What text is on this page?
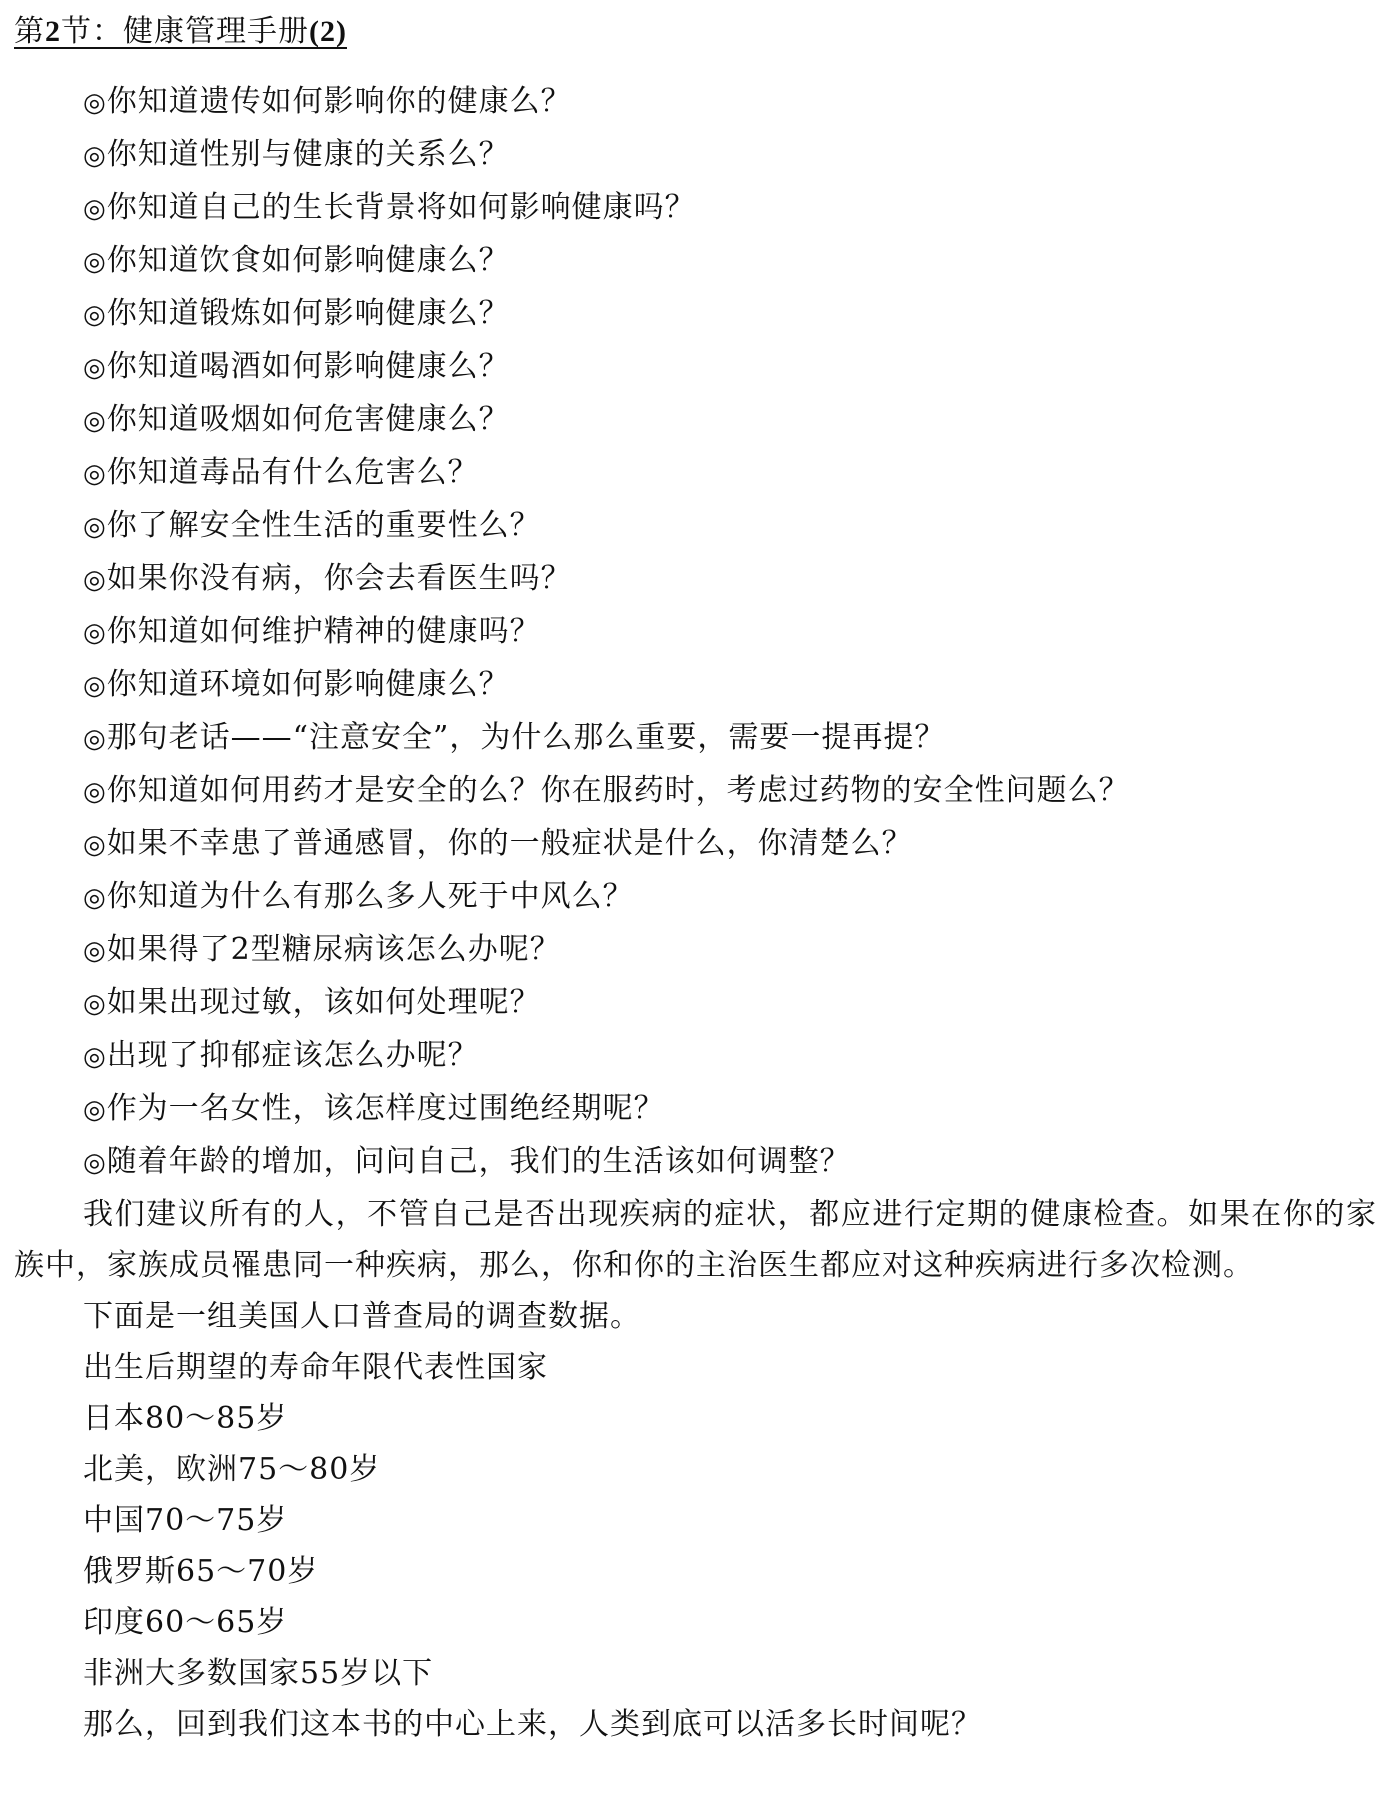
第2节：健康管理手册(2)
◎你知道遗传如何影响你的健康么？
◎你知道性别与健康的关系么？
◎你知道自己的生长背景将如何影响健康吗？
◎你知道饮食如何影响健康么？
◎你知道锻炼如何影响健康么？
◎你知道喝酒如何影响健康么？
◎你知道吸烟如何危害健康么？
◎你知道毒品有什么危害么？
◎你了解安全性生活的重要性么？
◎如果你没有病，你会去看医生吗？
◎你知道如何维护精神的健康吗？
◎你知道环境如何影响健康么？
◎那句老话——“注意安全”，为什么那么重要，需要一提再提？
◎你知道如何用药才是安全的么？你在服药时，考虑过药物的安全性问题么？
◎如果不幸患了普通感冒，你的一般症状是什么，你清楚么？
◎你知道为什么有那么多人死于中风么？
◎如果得了2型糖尿病该怎么办呢？
◎如果出现过敏，该如何处理呢？
◎出现了抑郁症该怎么办呢？
◎作为一名女性，该怎样度过围绝经期呢？
◎随着年龄的增加，问问自己，我们的生活该如何调整？

我们建议所有的人，不管自己是否出现疾病的症状，都应进行定期的健康检查。如果在你的家族中，家族成员罹患同一种疾病，那么，你和你的主治医生都应对这种疾病进行多次检测。

下面是一组美国人口普查局的调查数据。
出生后期望的寿命年限代表性国家
日本80～85岁
北美，欧洲75～80岁
中国70～75岁
俄罗斯65～70岁
印度60～65岁
非洲大多数国家55岁以下
那么，回到我们这本书的中心上来，人类到底可以活多长时间呢？
